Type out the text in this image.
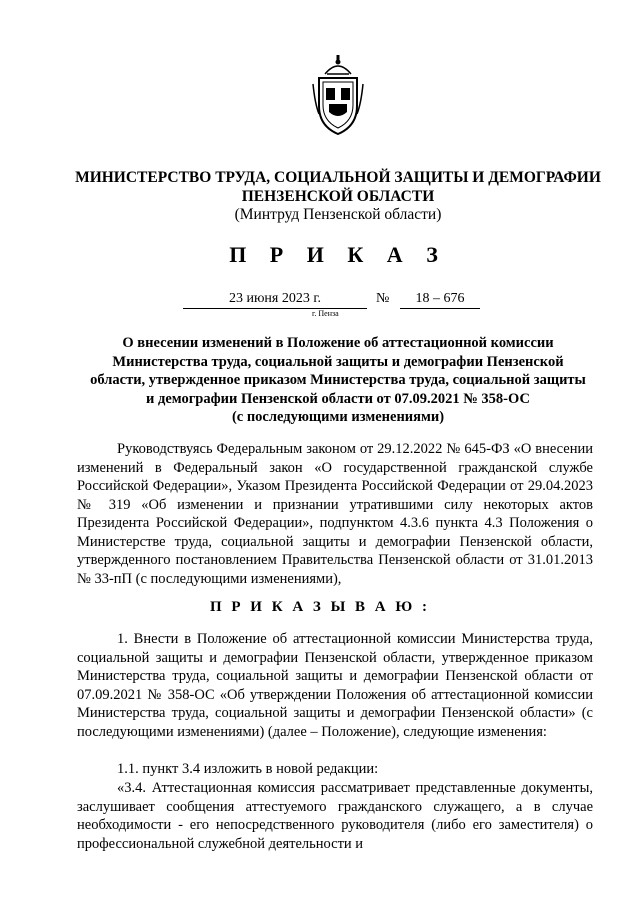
МИНИСТЕРСТВО ТРУДА, СОЦИАЛЬНОЙ ЗАЩИТЫ И ДЕМОГРАФИИ
ПЕНЗЕНСКОЙ ОБЛАСТИ
(Минтруд Пензенской области)
П Р И К А З
23 июня 2023 г.	№	18 – 676
г. Пенза
О внесении изменений в Положение об аттестационной комиссии
Министерства труда, социальной защиты и демографии Пензенской
области, утвержденное приказом Министерства труда, социальной защиты
и демографии Пензенской области от 07.09.2021 № 358-ОС
(с последующими изменениями)

Руководствуясь Федеральным законом от 29.12.2022 № 645-ФЗ «О внесении изменений в Федеральный закон «О государственной гражданской службе Российской Федерации», Указом Президента Российской Федерации от 29.04.2023 № 319 «Об изменении и признании утратившими силу некоторых актов Президента Российской Федерации», подпунктом 4.3.6 пункта 4.3 Положения о Министерстве труда, социальной защиты и демографии Пензенской области, утвержденного постановлением Правительства Пензенской области от 31.01.2013 № 33-пП (с последующими изменениями),

П Р И К А З Ы В А Ю :

1. Внести в Положение об аттестационной комиссии Министерства труда, социальной защиты и демографии Пензенской области, утвержденное приказом Министерства труда, социальной защиты и демографии Пензенской области от 07.09.2021 № 358-ОС «Об утверждении Положения об аттестационной комиссии Министерства труда, социальной защиты и демографии Пензенской области» (с последующими изменениями) (далее – Положение), следующие изменения:

1.1. пункт 3.4 изложить в новой редакции:

«3.4. Аттестационная комиссия рассматривает представленные документы, заслушивает сообщения аттестуемого гражданского служащего, а в случае необходимости - его непосредственного руководителя (либо его заместителя) о профессиональной служебной деятельности и
